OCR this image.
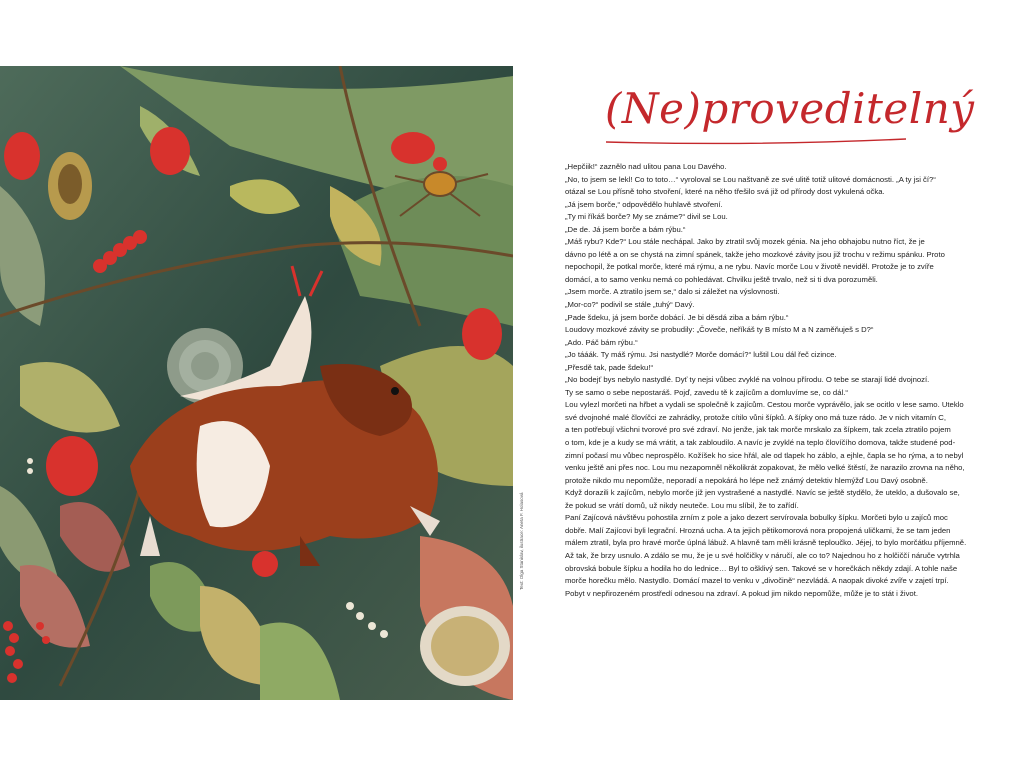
Text: Olga Stanislav, ilustrace: Aneta F. Holasová
(Ne)proveditelný

„Hepčiik!“ zaznělo nad ulitou pana Lou Davého.

„No, to jsem se lekl! Co to toto…“ vyroloval se Lou naštvaně ze své ulitě totiž ulitové domácnosti. „A ty jsi čí?“

otázal se Lou přísně toho stvoření, které na něho třešilo svá již od přírody dost vykulená očka.

„Já jsem borče,“ odpovědělo huhlavě stvoření.

„Ty mi říkáš borče? My se známe?“ divil se Lou.

„De de. Já jsem borče a bám rýbu.“

„Máš rybu? Kde?“ Lou stále nechápal. Jako by ztratil svůj mozek génia. Na jeho obhajobu nutno říct, že je

dávno po létě a on se chystá na zimní spánek, takže jeho mozkové závity jsou již trochu v režimu spánku. Proto

nepochopil, že potkal morče, které má rýmu, a ne rybu. Navíc morče Lou v životě neviděl. Protože je to zvíře

domácí, a to samo venku nemá co pohledávat. Chvilku ještě trvalo, než si ti dva porozuměli.

„Jsem morče. A ztratilo jsem se,“ dalo si záležet na výslovnosti.

„Mor-co?“ podivil se stále „tuhý“ Davý.

„Pade šdeku, já jsem borče dobácí. Je bi děsdá ziba a bám rýbu.“

Loudovy mozkové závity se probudily: „Čoveče, neříkáš ty B místo M a N zaměňuješ s D?“

„Ado. Páč bám rýbu.“

„Jo tááák. Ty máš rýmu. Jsi nastydlé? Morče domácí?“ luštil Lou dál řeč cizince.

„Přesdě tak, pade šdeku!“

„No bodejť bys nebylo nastydlé. Dyť ty nejsi vůbec zvyklé na volnou přírodu. O tebe se starají lidé dvojnozí.

Ty se samo o sebe nepostaráš. Pojď, zavedu tě k zajícům a domluvíme se, co dál.“

Lou vylezl morčeti na hřbet a vydali se společně k zajícům. Cestou morče vyprávělo, jak se ocitlo v lese samo. Uteklo

své dvojnohé malé človíčci ze zahrádky, protože cítilo vůni šípků. A šípky ono má tuze rádo. Je v nich vitamín C,

a ten potřebují všichni tvorové pro své zdraví. No jenže, jak tak morče mrskalo za šípkem, tak zcela ztratilo pojem

o tom, kde je a kudy se má vrátit, a tak zabloudilo. A navíc je zvyklé na teplo človíčího domova, takže studené pod-

zimní počasí mu vůbec neprospělo. Kožíšek ho sice hřál, ale od tlapek ho záblo, a ejhle, čapla se ho rýma, a to nebyl

venku ještě ani přes noc. Lou mu nezapomněl několikrát zopakovat, že mělo velké štěstí, že narazilo zrovna na něho,

protože nikdo mu nepomůže, neporadí a nepokárá ho lépe než známý detektiv hlemýžď Lou Davý osobně.

Když dorazili k zajícům, nebylo morče již jen vystrašené a nastydlé. Navíc se ještě stydělo, že uteklo, a dušovalo se,

že pokud se vrátí domů, už nikdy neuteče. Lou mu slíbil, že to zařídí.

Paní Zajícová návštěvu pohostila zrním z pole a jako dezert servírovala bobulky šípku. Morčeti bylo u zajíců moc

dobře. Malí Zajícovi byli legrační. Hrozná ucha. A ta jejich pětikomorová nora propojená uličkami, že se tam jeden

málem ztratil, byla pro hravé morče úplná lábuž. A hlavně tam měli krásně teploučko. Jéjej, to bylo morčátku příjemně.

Až tak, že brzy usnulo. A zdálo se mu, že je u své holčičky v náručí, ale co to? Najednou ho z holčiččí náruče vytrhla

obrovská bobule šípku a hodila ho do lednice… Byl to ošklivý sen. Takové se v horečkách někdy zdají. A tohle naše

morče horečku mělo. Nastydlo. Domácí mazel to venku v „divočině“ nezvládá. A naopak divoké zvíře v zajetí trpí.

Pobyt v nepřirozeném prostředí odnesou na zdraví. A pokud jim nikdo nepomůže, může je to stát i život.
